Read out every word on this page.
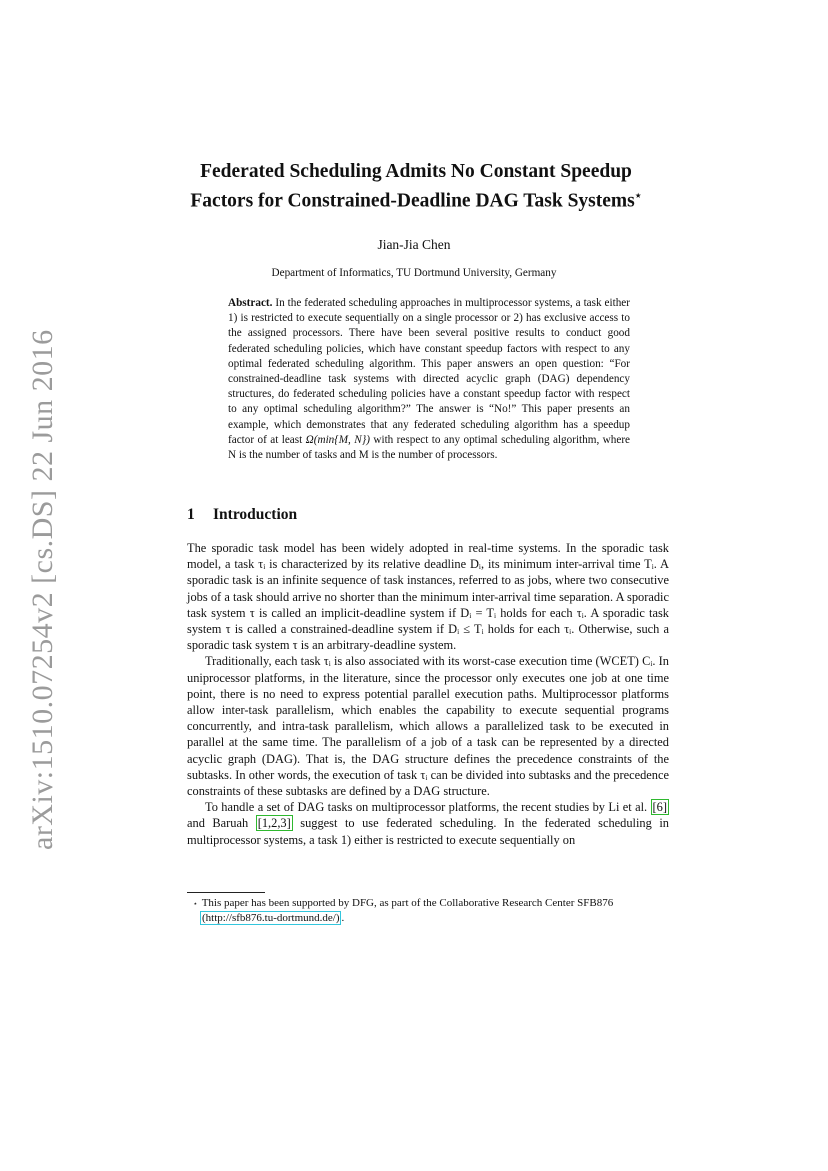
arXiv:1510.07254v2 [cs.DS] 22 Jun 2016
Federated Scheduling Admits No Constant Speedup
Factors for Constrained-Deadline DAG Task Systems⋆
Jian-Jia Chen
Department of Informatics, TU Dortmund University, Germany
Abstract. In the federated scheduling approaches in multiprocessor systems, a task either 1) is restricted to execute sequentially on a single processor or 2) has exclusive access to the assigned processors. There have been several positive results to conduct good federated scheduling policies, which have constant speedup factors with respect to any optimal federated scheduling algorithm. This paper answers an open question: “For constrained-deadline task systems with directed acyclic graph (DAG) dependency structures, do federated scheduling policies have a constant speedup factor with respect to any optimal scheduling algorithm?” The answer is “No!” This paper presents an example, which demonstrates that any federated scheduling algorithm has a speedup factor of at least Ω(min{M, N}) with respect to any optimal scheduling algorithm, where N is the number of tasks and M is the number of processors.
1 Introduction

The sporadic task model has been widely adopted in real-time systems. In the sporadic task model, a task τᵢ is characterized by its relative deadline Dᵢ, its minimum inter-arrival time Tᵢ. A sporadic task is an infinite sequence of task instances, referred to as jobs, where two consecutive jobs of a task should arrive no shorter than the minimum inter-arrival time separation. A sporadic task system τ is called an implicit-deadline system if Dᵢ = Tᵢ holds for each τᵢ. A sporadic task system τ is called a constrained-deadline system if Dᵢ ≤ Tᵢ holds for each τᵢ. Otherwise, such a sporadic task system τ is an arbitrary-deadline system.

Traditionally, each task τᵢ is also associated with its worst-case execution time (WCET) Cᵢ. In uniprocessor platforms, in the literature, since the processor only executes one job at one time point, there is no need to express potential parallel execution paths. Multiprocessor platforms allow inter-task parallelism, which enables the capability to execute sequential programs concurrently, and intra-task parallelism, which allows a parallelized task to be executed in parallel at the same time. The parallelism of a job of a task can be represented by a directed acyclic graph (DAG). That is, the DAG structure defines the precedence constraints of the subtasks. In other words, the execution of task τᵢ can be divided into subtasks and the precedence constraints of these subtasks are defined by a DAG structure.

To handle a set of DAG tasks on multiprocessor platforms, the recent studies by Li et al. [6] and Baruah [1,2,3] suggest to use federated scheduling. In the federated scheduling in multiprocessor systems, a task 1) either is restricted to execute sequentially on

⋆ This paper has been supported by DFG, as part of the Collaborative Research Center SFB876
(http://sfb876.tu-dortmund.de/) .
